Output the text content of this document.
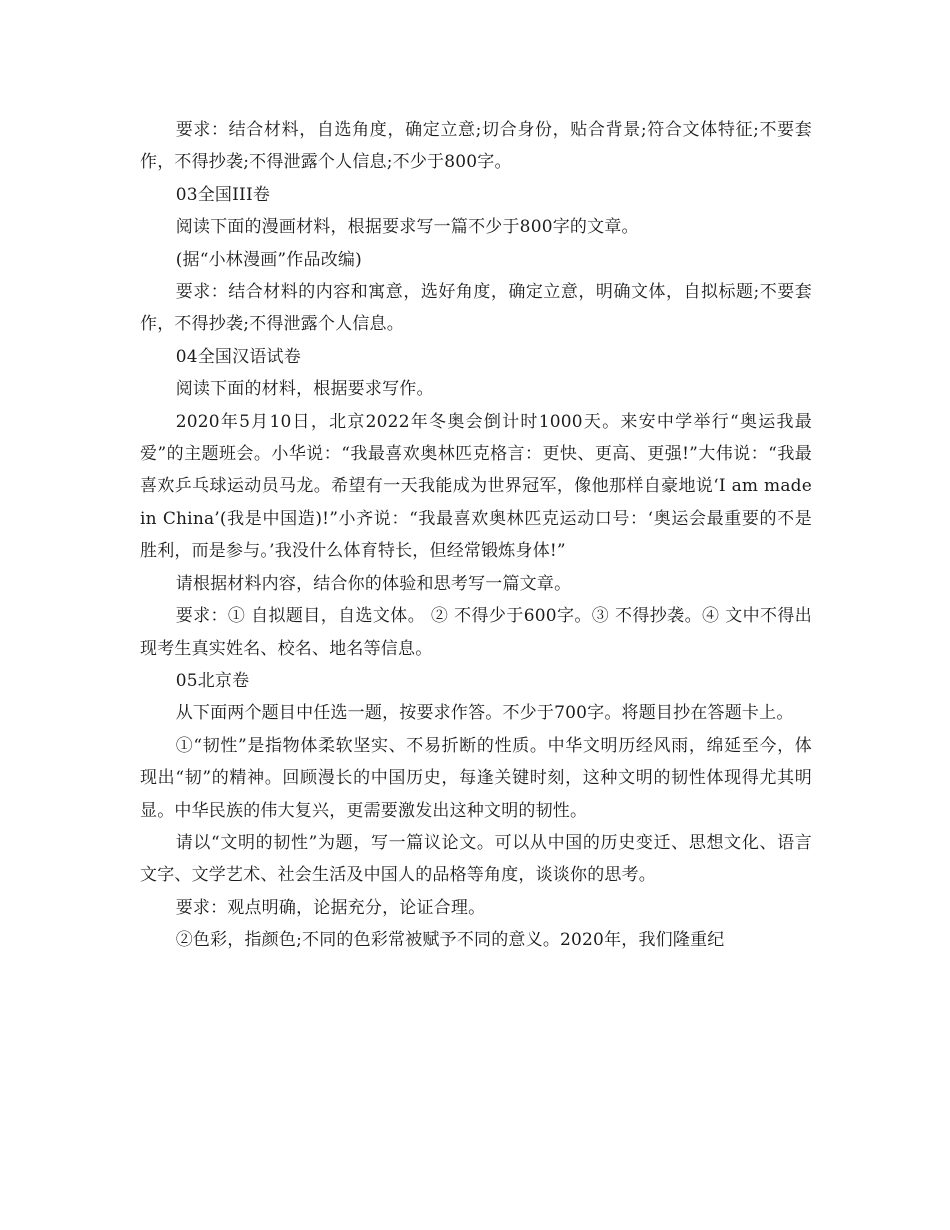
要求：结合材料，自选角度，确定立意;切合身份，贴合背景;符合文体特征;不要套作，不得抄袭;不得泄露个人信息;不少于800字。

03全国III卷

阅读下面的漫画材料，根据要求写一篇不少于800字的文章。

(据“小林漫画”作品改编)

要求：结合材料的内容和寓意，选好角度，确定立意，明确文体，自拟标题;不要套作，不得抄袭;不得泄露个人信息。

04全国汉语试卷

阅读下面的材料，根据要求写作。

2020年5月10日，北京2022年冬奥会倒计时1000天。来安中学举行“奥运我最爱”的主题班会。小华说：“我最喜欢奥林匹克格言：更快、更高、更强!”大伟说：“我最喜欢乒乓球运动员马龙。希望有一天我能成为世界冠军，像他那样自豪地说‘I am made in China’(我是中国造)!”小齐说：“我最喜欢奥林匹克运动口号：‘奥运会最重要的不是胜利，而是参与。’我没什么体育特长，但经常锻炼身体!”

请根据材料内容，结合你的体验和思考写一篇文章。

要求：① 自拟题目，自选文体。 ② 不得少于600字。③ 不得抄袭。④ 文中不得出现考生真实姓名、校名、地名等信息。

05北京卷

从下面两个题目中任选一题，按要求作答。不少于700字。将题目抄在答题卡上。

①“韧性”是指物体柔软坚实、不易折断的性质。中华文明历经风雨，绵延至今，体现出“韧”的精神。回顾漫长的中国历史，每逢关键时刻，这种文明的韧性体现得尤其明显。中华民族的伟大复兴，更需要激发出这种文明的韧性。

请以“文明的韧性”为题，写一篇议论文。可以从中国的历史变迁、思想文化、语言文字、文学艺术、社会生活及中国人的品格等角度，谈谈你的思考。

要求：观点明确，论据充分，论证合理。

②色彩，指颜色;不同的色彩常被赋予不同的意义。2020年，我们隆重纪
